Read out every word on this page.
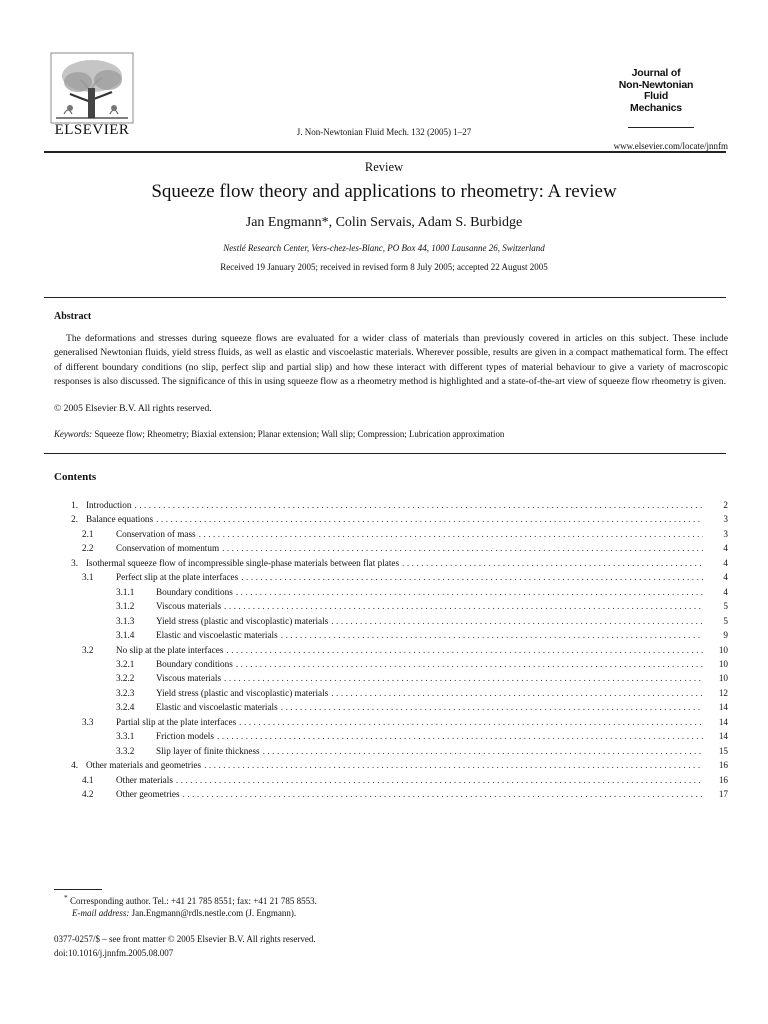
ELSEVIER	J. Non-Newtonian Fluid Mech. 132 (2005) 1–27
Journal of
Non-Newtonian
Fluid
Mechanics
www.elsevier.com/locate/jnnfm
Review
Squeeze flow theory and applications to rheometry: A review
Jan Engmann*, Colin Servais, Adam S. Burbidge
Nestlé Research Center, Vers-chez-les-Blanc, PO Box 44, 1000 Lausanne 26, Switzerland
Received 19 January 2005; received in revised form 8 July 2005; accepted 22 August 2005
Abstract
The deformations and stresses during squeeze flows are evaluated for a wider class of materials than previously covered in articles on this subject. These include generalised Newtonian fluids, yield stress fluids, as well as elastic and viscoelastic materials. Wherever possible, results are given in a compact mathematical form. The effect of different boundary conditions (no slip, perfect slip and partial slip) and how these interact with different types of material behaviour to give a variety of macroscopic responses is also discussed. The significance of this in using squeeze flow as a rheometry method is highlighted and a state-of-the-art view of squeeze flow rheometry is given.
© 2005 Elsevier B.V. All rights reserved.
Keywords: Squeeze flow; Rheometry; Biaxial extension; Planar extension; Wall slip; Compression; Lubrication approximation
Contents
1. Introduction . . .	2
2. Balance equations . . .	3
2.1	Conservation of mass . . .	3
2.2	Conservation of momentum . . .	4
3. Isothermal squeeze flow of incompressible single-phase materials between flat plates . . .	4
3.1	Perfect slip at the plate interfaces . . .	4
3.1.1	Boundary conditions . . .	4
3.1.2	Viscous materials . . .	5
3.1.3	Yield stress (plastic and viscoplastic) materials . . .	5
3.1.4	Elastic and viscoelastic materials . . .	9
3.2	No slip at the plate interfaces . . .	10
3.2.1	Boundary conditions . . .	10
3.2.2	Viscous materials . . .	10
3.2.3	Yield stress (plastic and viscoplastic) materials . . .	12
3.2.4	Elastic and viscoelastic materials . . .	14
3.3	Partial slip at the plate interfaces . . .	14
3.3.1	Friction models . . .	14
3.3.2	Slip layer of finite thickness . . .	15
4. Other materials and geometries . . .	16
4.1	Other materials . . .	16
4.2	Other geometries . . .	17
* Corresponding author. Tel.: +41 21 785 8551; fax: +41 21 785 8553.
E-mail address: Jan.Engmann@rdls.nestle.com (J. Engmann).
0377-0257/$ – see front matter © 2005 Elsevier B.V. All rights reserved.
doi:10.1016/j.jnnfm.2005.08.007
